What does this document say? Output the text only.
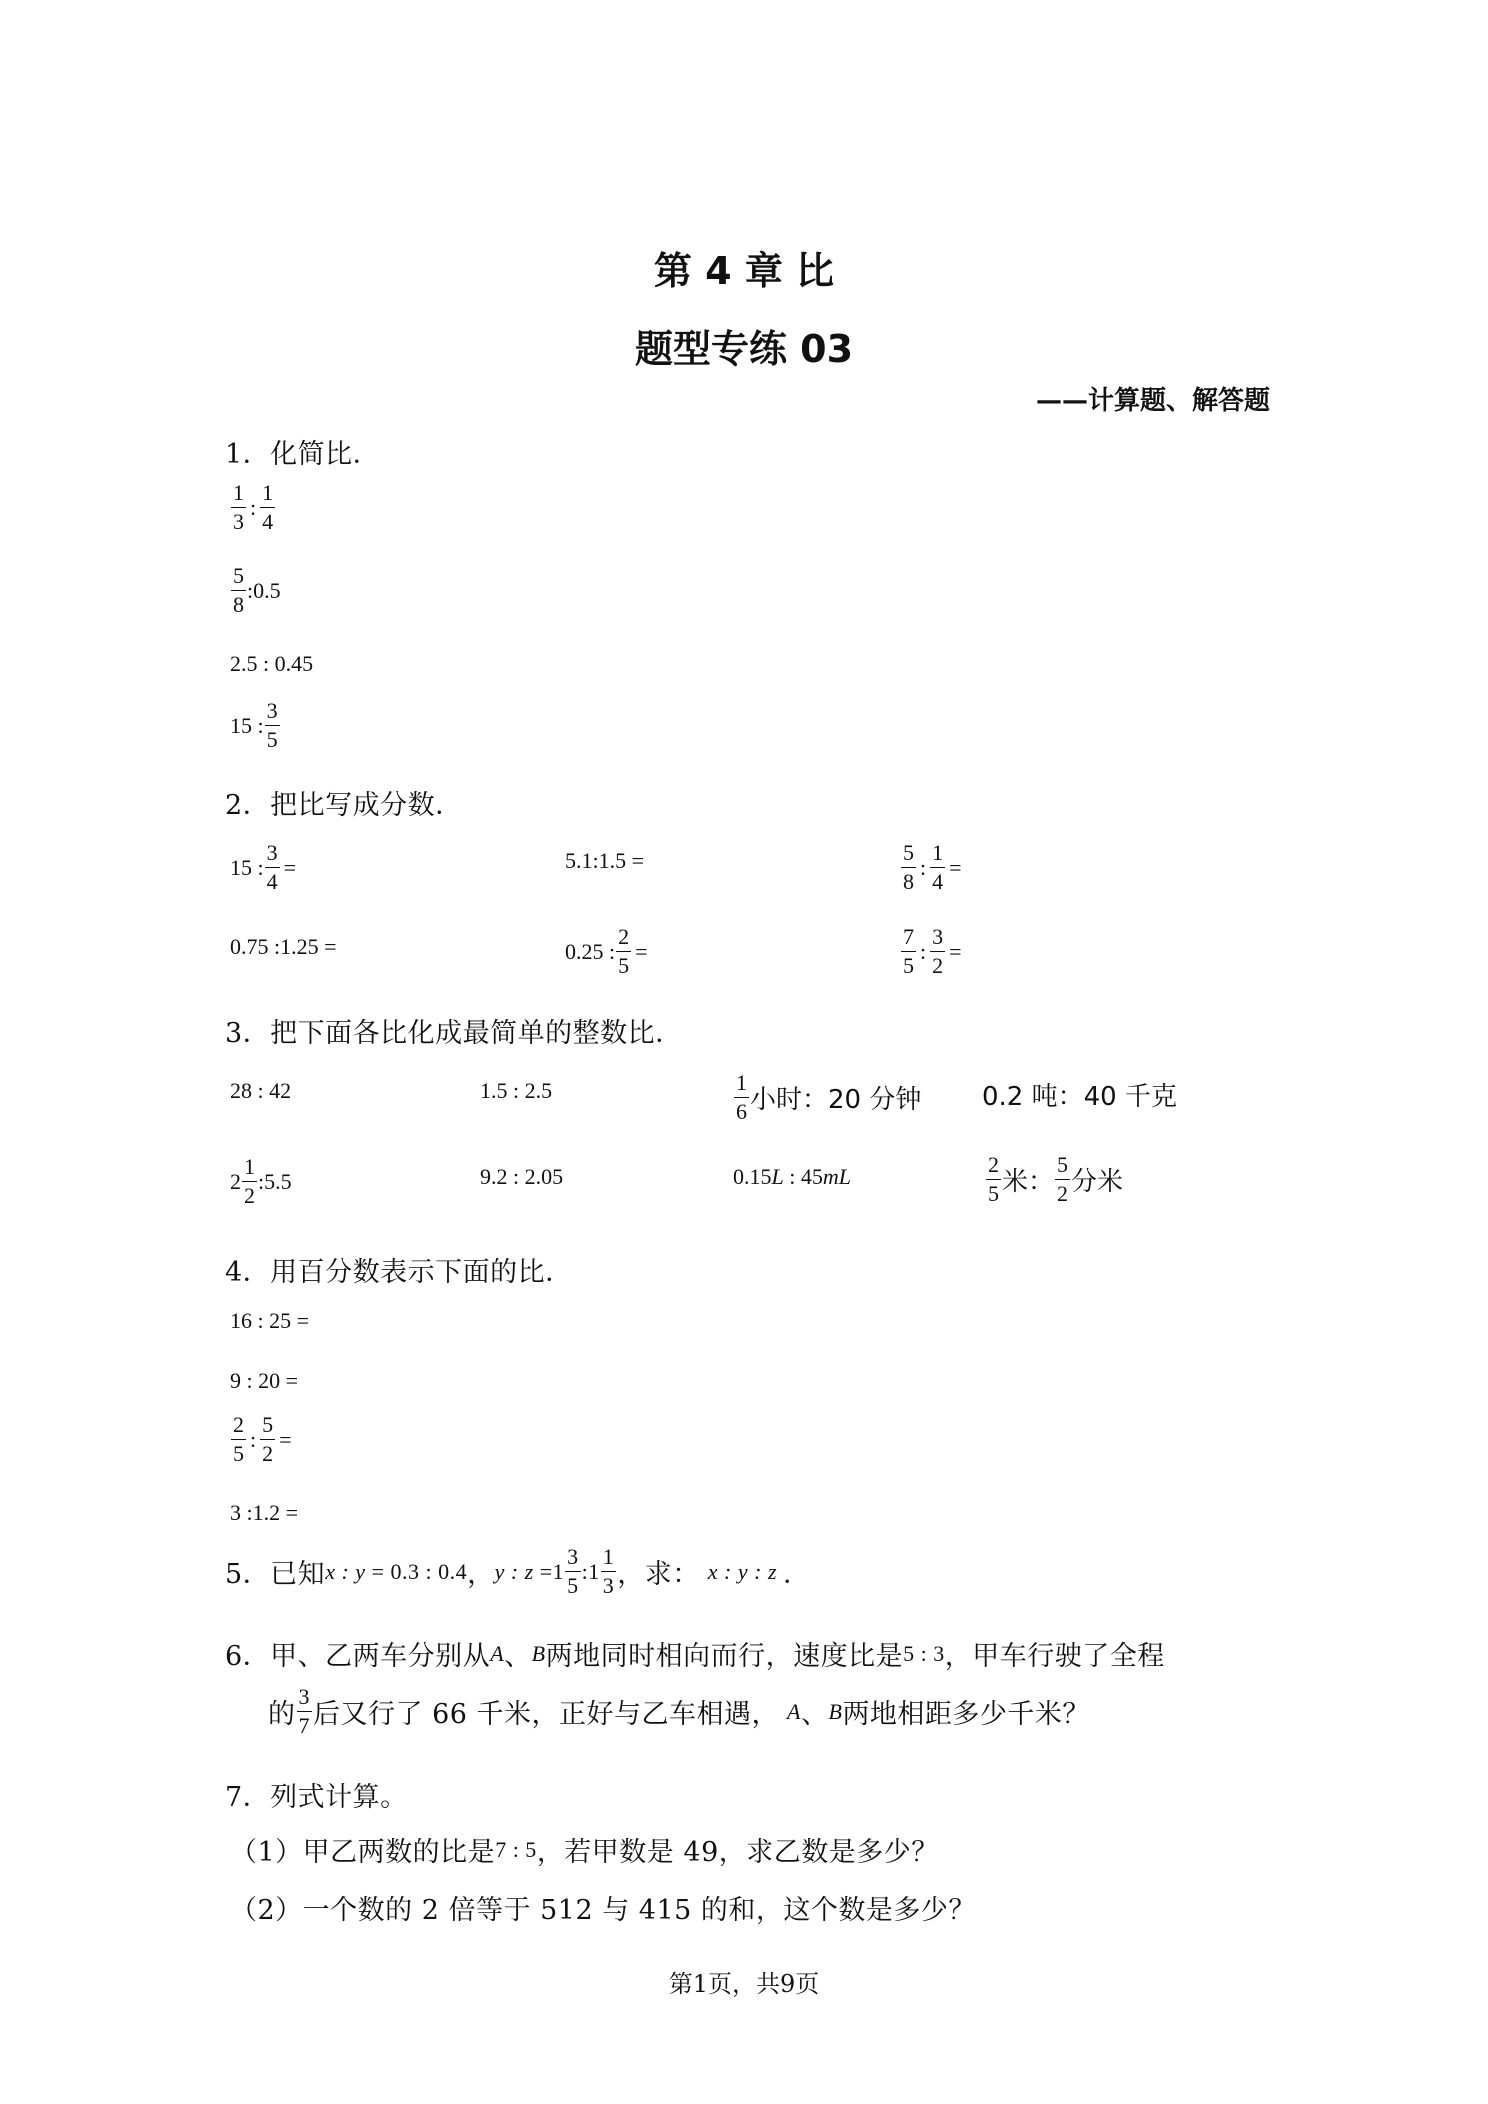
第 4 章 比
题型专练 03
——计算题、解答题
1．化简比．
$\frac{1}{3}$ : $\frac{1}{4}$
$\frac{5}{8}$ :0.5
2.5 : 0.45
15 : $\frac{3}{5}$
2．把比写成分数．
15 : $\frac{3}{4}$ =	5.1:1.5 =	$\frac{5}{8}$ : $\frac{1}{4}$ =
0.75 :1.25 =	0.25 : $\frac{2}{5}$ =	$\frac{7}{5}$ : $\frac{3}{2}$ =
3．把下面各比化成最简单的整数比．
28 : 42	1.5 : 2.5	$\frac{1}{6}$ 小时：20 分钟 0.2 吨：40 千克
$2 \frac{1}{2}$ :5.5	9.2 : 2.05	0.15 L : 45 mL	$\frac{2}{5}$ 米： $\frac{5}{2}$ 分米
4．用百分数表示下面的比．
16 : 25 =
9 : 20 =
$\frac{2}{5}$ : $\frac{5}{2}$ =
3 :1.2 =
5．已知 x : y = 0.3 : 0.4 ， y : $z =1 \frac{3}{5}$ :1 $\frac{1}{3}$ ，求： x : y : z ．
6．甲、乙两车分别从 A 、 B 两地同时相向而行，速度比是 5 : 3 ，甲车行驶了全程
的 $\frac{3}{7}$ 后又行了 66 千米，正好与乙车相遇， A 、 B 两地相距多少千米？
7．列式计算。
（1）甲乙两数的比是 7 : 5 ，若甲数是 49，求乙数是多少？
（2）一个数的 2 倍等于 512 与 415 的和，这个数是多少？
第1页，共9页
